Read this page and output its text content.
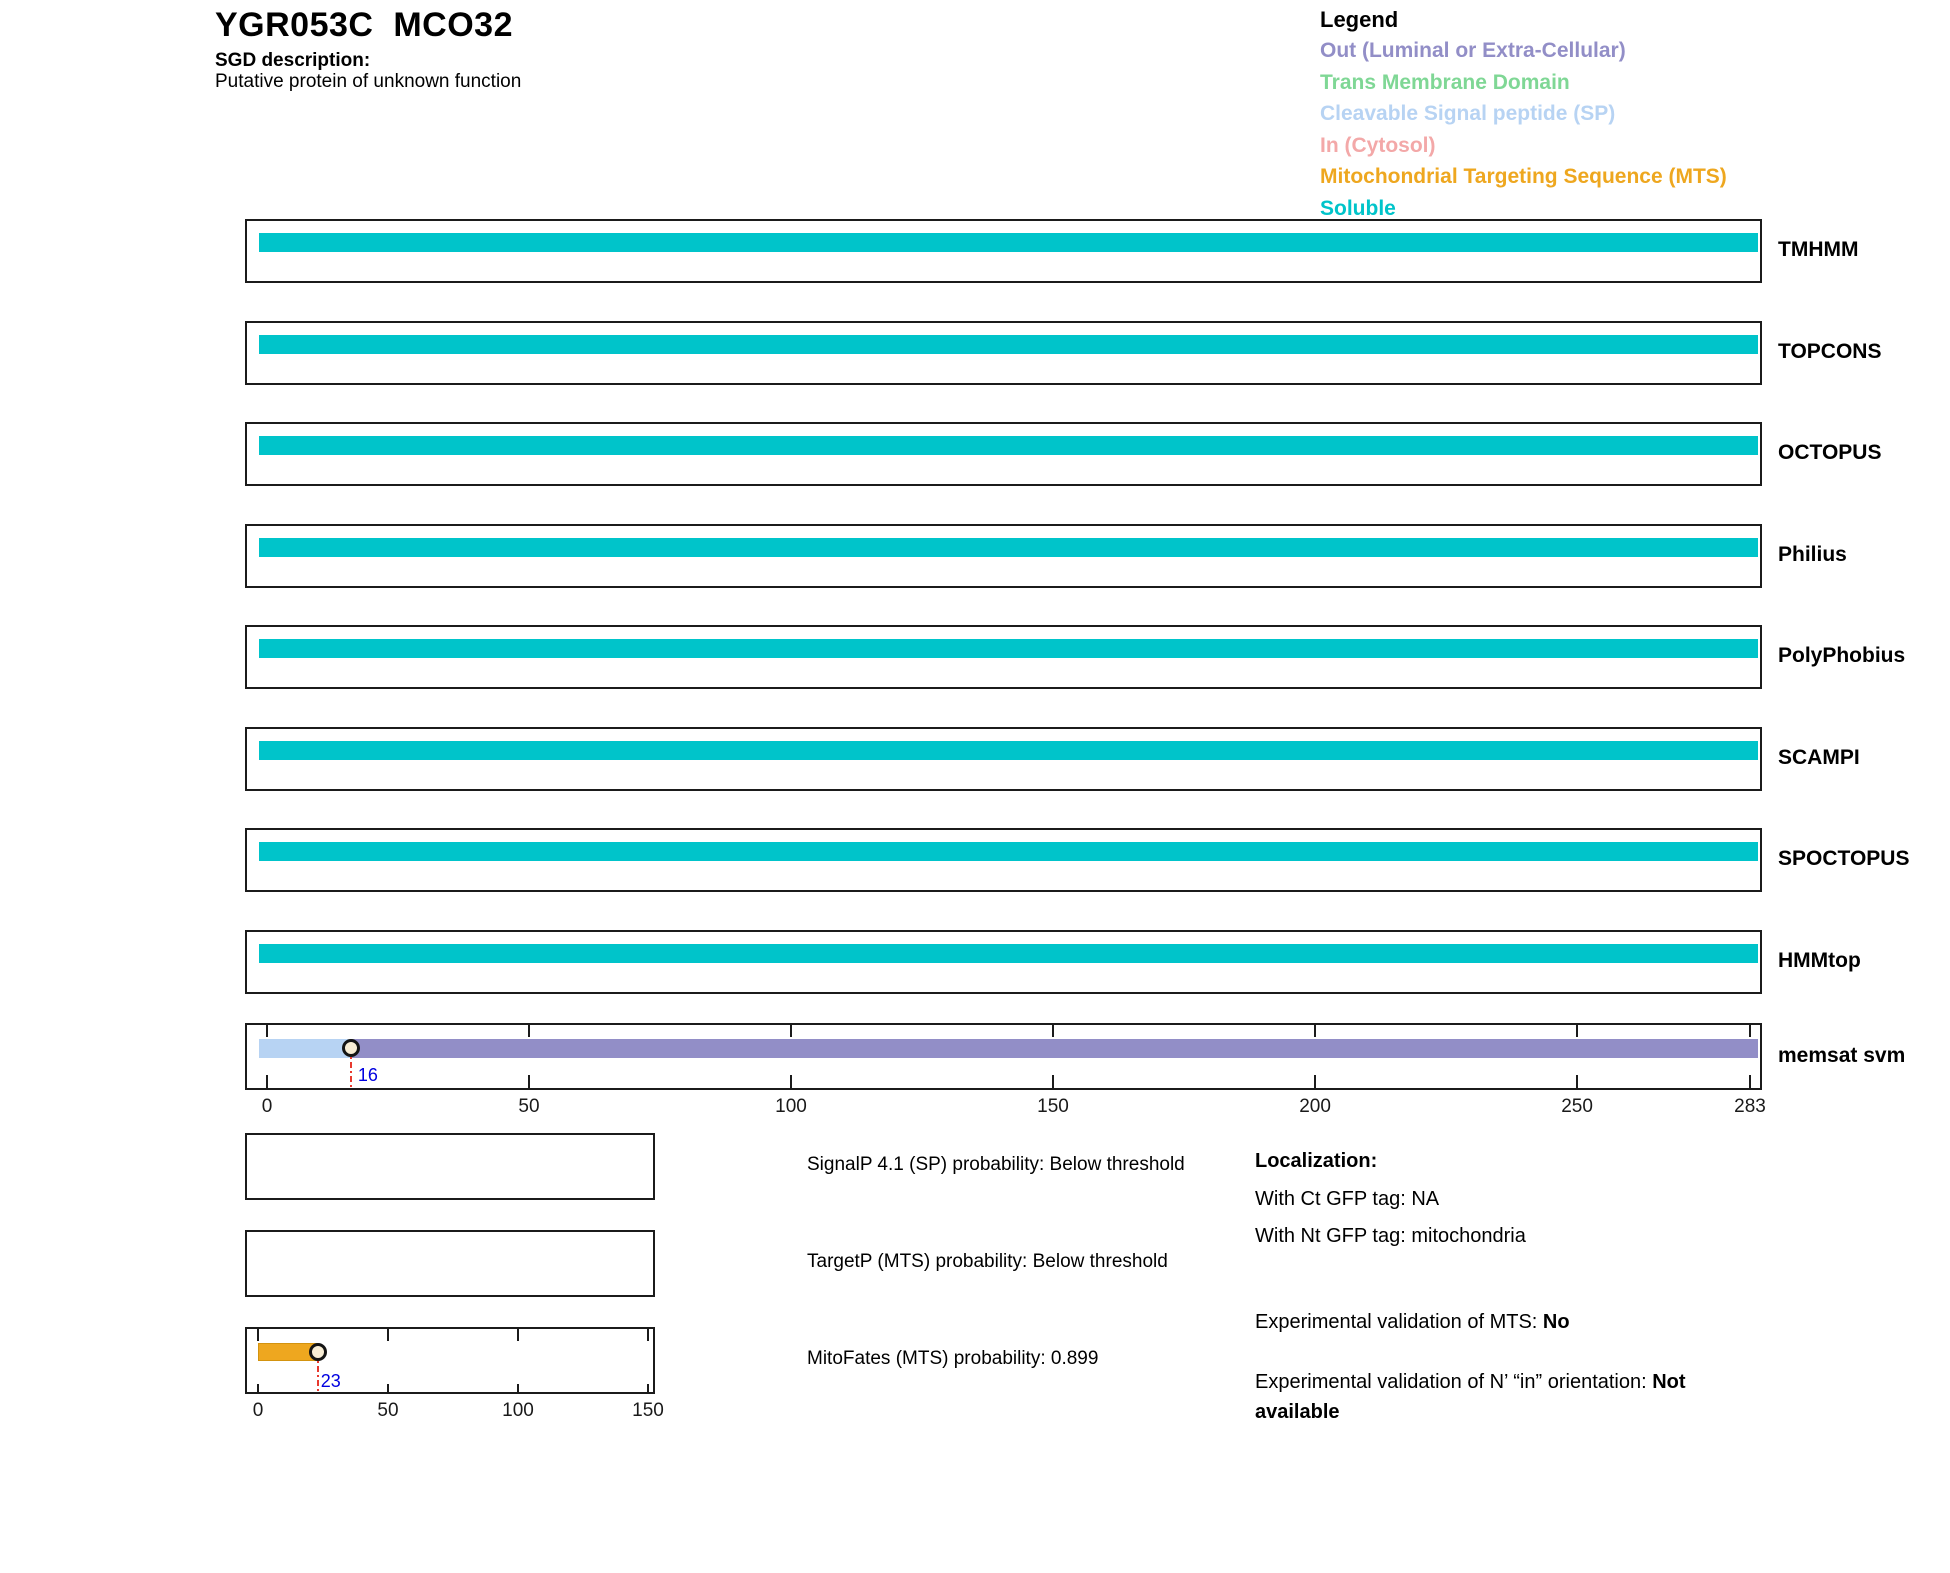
YGR053C  MCO32
SGD description:
Putative protein of unknown function
Legend
Out (Luminal or Extra-Cellular)
Trans Membrane Domain
Cleavable Signal peptide (SP)
In (Cytosol)
Mitochondrial Targeting Sequence (MTS)
Soluble
TMHMM
TOPCONS
OCTOPUS
Philius
PolyPhobius
SCAMPI
SPOCTOPUS
HMMtop
16
0	50	100	150	200	250	283
memsat svm
SignalP 4.1 (SP) probability: Below threshold
TargetP (MTS) probability: Below threshold
23
0	50	100	150
MitoFates (MTS) probability: 0.899
Localization:
With Ct GFP tag: NA
With Nt GFP tag: mitochondria
Experimental validation of MTS: No
Experimental validation of N’ “in” orientation: Not available
